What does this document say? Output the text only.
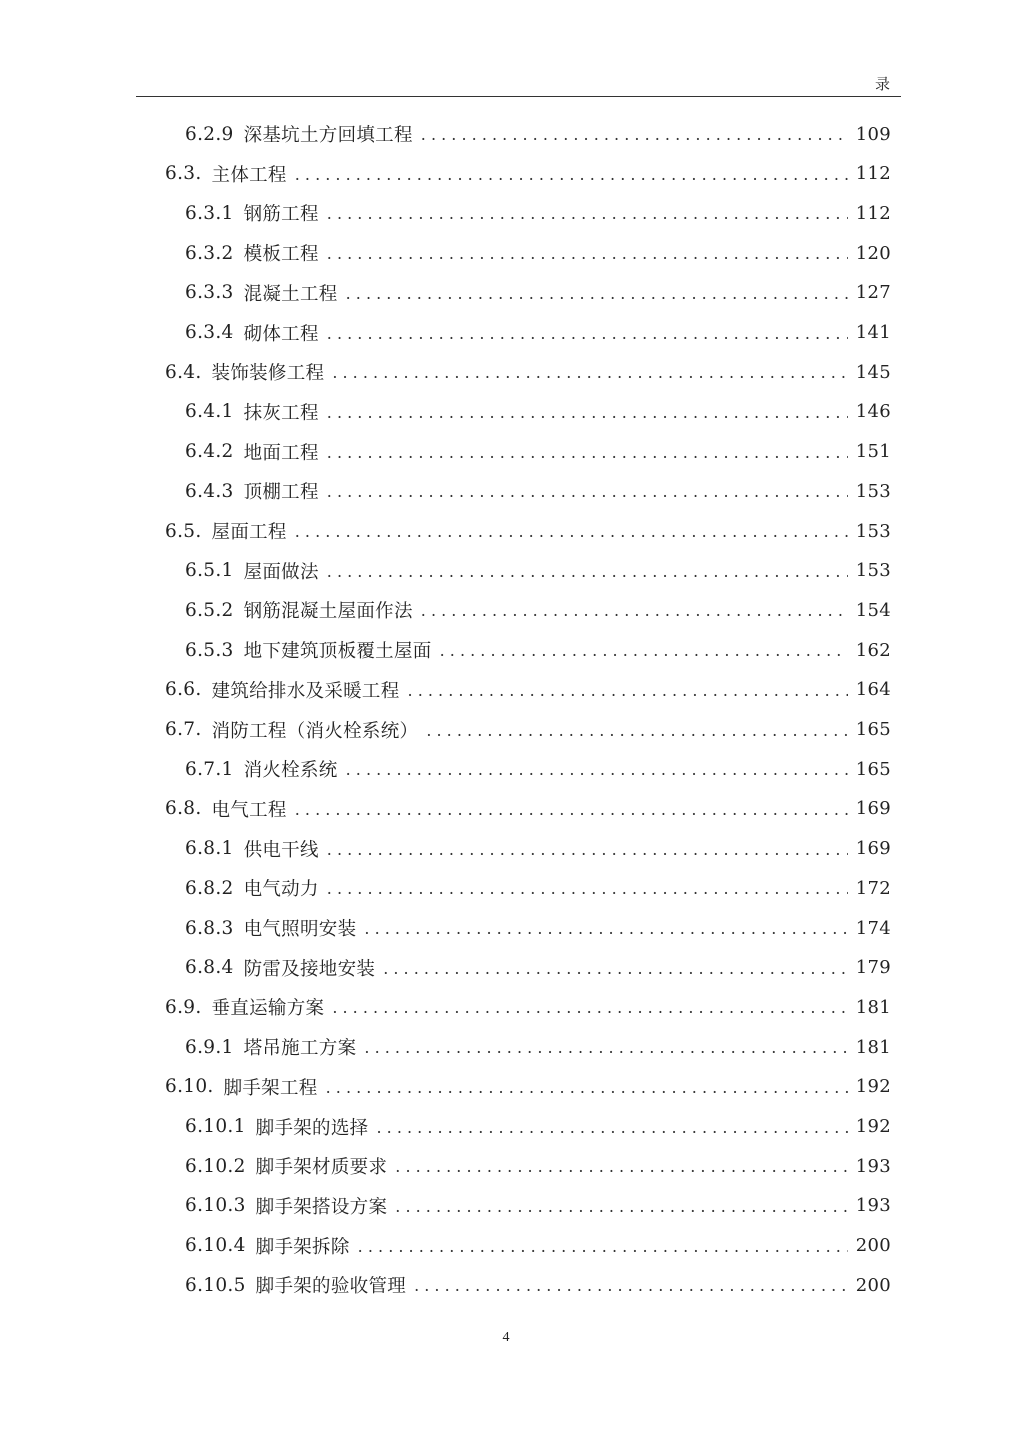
录
6.2.9 深基坑土方回填工程 . . .	109
6.3. 主体工程 . . .	112
6.3.1 钢筋工程 . . .	112
6.3.2 模板工程 . . .	120
6.3.3 混凝土工程 . . .	127
6.3.4 砌体工程 . . .	141
6.4. 装饰装修工程 . . .	145
6.4.1 抹灰工程 . . .	146
6.4.2 地面工程 . . .	151
6.4.3 顶棚工程 . . .	153
6.5. 屋面工程 . . .	153
6.5.1 屋面做法 . . .	153
6.5.2 钢筋混凝土屋面作法 . . .	154
6.5.3 地下建筑顶板覆土屋面 . . .	162
6.6. 建筑给排水及采暖工程 . . .	164
6.7. 消防工程（消火栓系统） . . .	165
6.7.1 消火栓系统 . . .	165
6.8. 电气工程 . . .	169
6.8.1 供电干线 . . .	169
6.8.2 电气动力 . . .	172
6.8.3 电气照明安装 . . .	174
6.8.4 防雷及接地安装 . . .	179
6.9. 垂直运输方案 . . .	181
6.9.1 塔吊施工方案 . . .	181
6.10. 脚手架工程 . . .	192
6.10.1 脚手架的选择 . . .	192
6.10.2 脚手架材质要求 . . .	193
6.10.3 脚手架搭设方案 . . .	193
6.10.4 脚手架拆除 . . .	200
6.10.5 脚手架的验收管理 . . .	200
4
